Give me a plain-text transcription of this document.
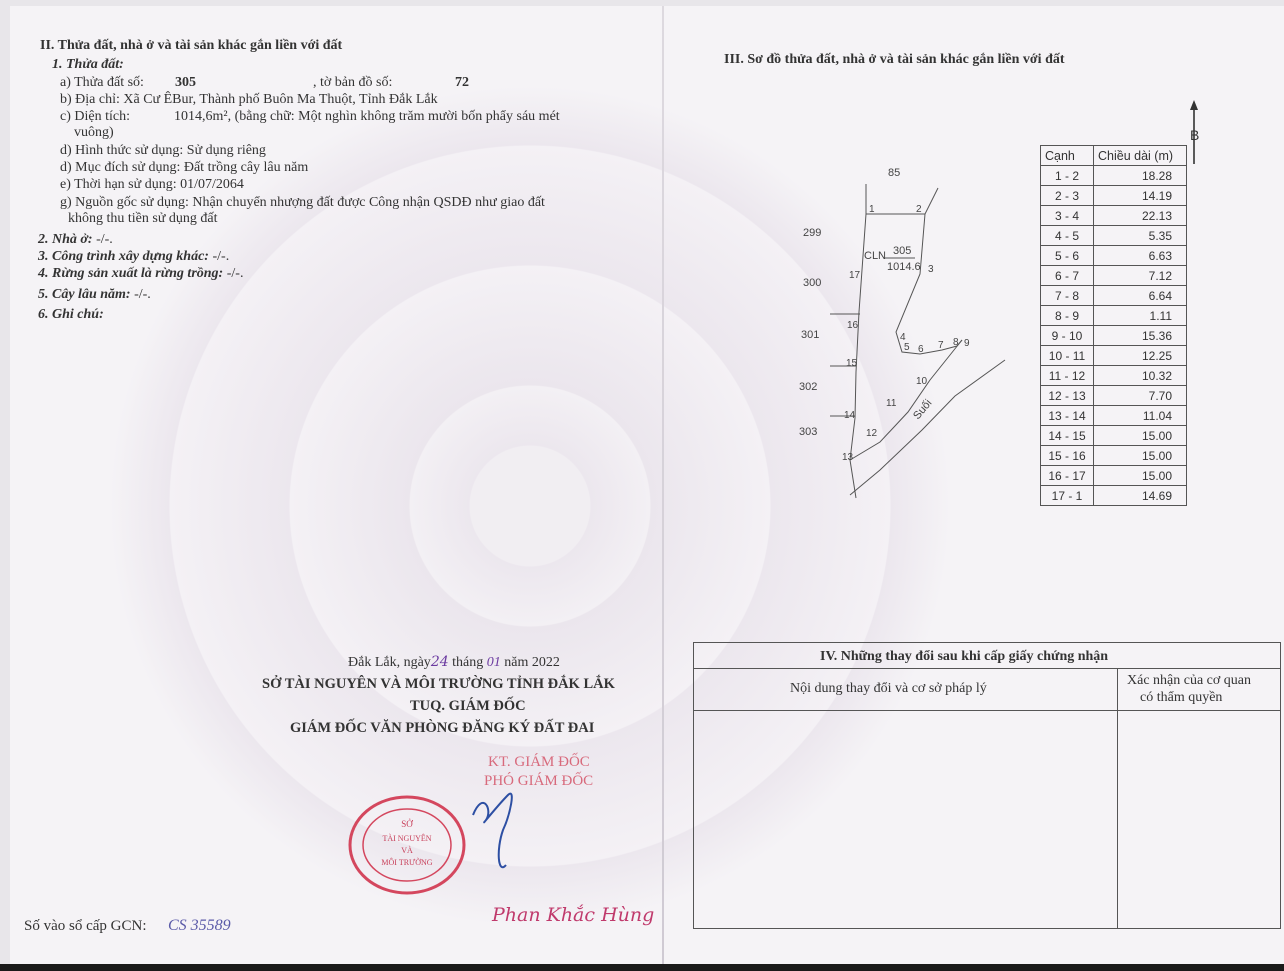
II. Thửa đất, nhà ở và tài sản khác gắn liền với đất
1. Thửa đất:
a) Thửa đất số: 305	, tờ bản đồ số:	72
b) Địa chỉ: Xã Cư ÊBur, Thành phố Buôn Ma Thuột, Tỉnh Đắk Lắk
c) Diện tích:	1014,6m², (bằng chữ: Một nghìn không trăm mười bốn phẩy sáu mét
vuông)
d) Hình thức sử dụng: Sử dụng riêng
d) Mục đích sử dụng: Đất trồng cây lâu năm
e) Thời hạn sử dụng: 01/07/2064
g) Nguồn gốc sử dụng: Nhận chuyển nhượng đất được Công nhận QSDĐ như giao đất
không thu tiền sử dụng đất
2. Nhà ở: -/-.
3. Công trình xây dựng khác: -/-.
4. Rừng sản xuất là rừng trồng: -/-.
5. Cây lâu năm: -/-.
6. Ghi chú:
Đắk Lắk, ngày24 tháng 01 năm 2022
SỞ TÀI NGUYÊN VÀ MÔI TRƯỜNG TỈNH ĐẮK LẮK
TUQ. GIÁM ĐỐC
GIÁM ĐỐC VĂN PHÒNG ĐĂNG KÝ ĐẤT ĐAI
KT. GIÁM ĐỐC
PHÓ GIÁM ĐỐC
SỞ
TÀI NGUYÊN
VÀ
MÔI TRƯỜNG
Phan Khắc Hùng
Số vào sổ cấp GCN: CS 35589
III. Sơ đồ thửa đất, nhà ở và tài sản khác gắn liền với đất
B
85
299
300
301
302
303
CLN 305
1014.6
Suối
1	2
3
4
5 6 7 8 9
10
11
12
13
14
15
16
17
Cạnh	Chiều dài (m)
1 - 2	18.28
2 - 3	14.19
3 - 4	22.13
4 - 5	5.35
5 - 6	6.63
6 - 7	7.12
7 - 8	6.64
8 - 9	1.11
9 - 10	15.36
10 - 11	12.25
11 - 12	10.32
12 - 13	7.70
13 - 14	11.04
14 - 15	15.00
15 - 16	15.00
16 - 17	15.00
17 - 1	14.69
IV. Những thay đổi sau khi cấp giấy chứng nhận
Nội dung thay đổi và cơ sở pháp lý
Xác nhận của cơ quan
có thẩm quyền
